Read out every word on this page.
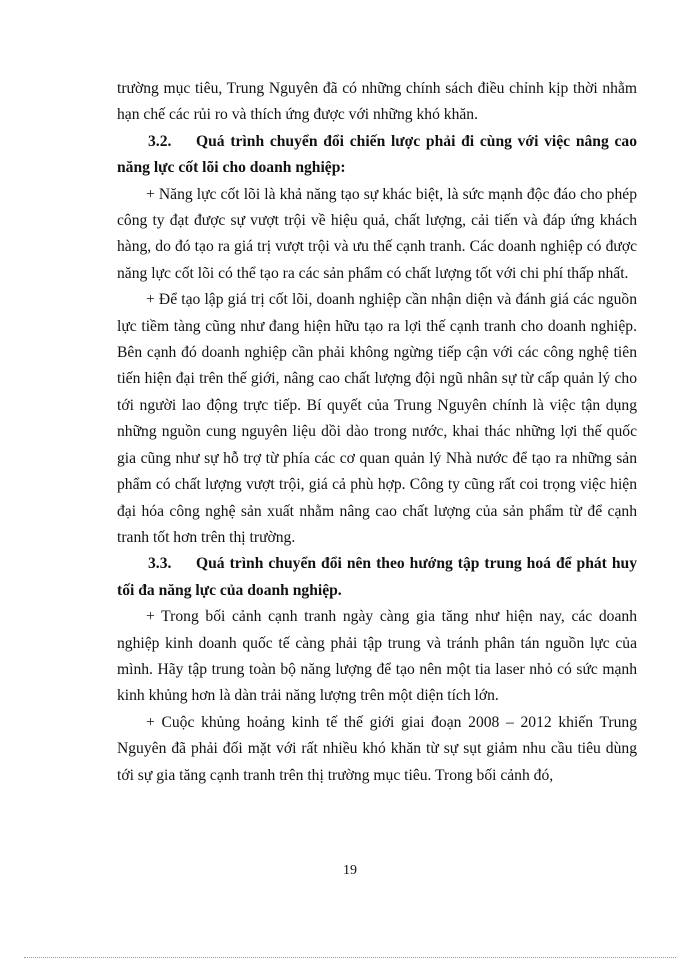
trường mục tiêu, Trung Nguyên đã có những chính sách điều chỉnh kịp thời nhằm hạn chế các rủi ro và thích ứng được với những khó khăn.

3.2. Quá trình chuyển đổi chiến lược phải đi cùng với việc nâng cao năng lực cốt lõi cho doanh nghiệp:

+ Năng lực cốt lõi là khả năng tạo sự khác biệt, là sức mạnh độc đáo cho phép công ty đạt được sự vượt trội về hiệu quả, chất lượng, cải tiến và đáp ứng khách hàng, do đó tạo ra giá trị vượt trội và ưu thế cạnh tranh. Các doanh nghiệp có được năng lực cốt lõi có thể tạo ra các sản phẩm có chất lượng tốt với chi phí thấp nhất.

+ Để tạo lập giá trị cốt lõi, doanh nghiệp cần nhận diện và đánh giá các nguồn lực tiềm tàng cũng như đang hiện hữu tạo ra lợi thế cạnh tranh cho doanh nghiệp. Bên cạnh đó doanh nghiệp cần phải không ngừng tiếp cận với các công nghệ tiên tiến hiện đại trên thế giới, nâng cao chất lượng đội ngũ nhân sự từ cấp quản lý cho tới người lao động trực tiếp. Bí quyết của Trung Nguyên chính là việc tận dụng những nguồn cung nguyên liệu dồi dào trong nước, khai thác những lợi thế quốc gia cũng như sự hỗ trợ từ phía các cơ quan quản lý Nhà nước để tạo ra những sản phẩm có chất lượng vượt trội, giá cả phù hợp. Công ty cũng rất coi trọng việc hiện đại hóa công nghệ sản xuất nhằm nâng cao chất lượng của sản phẩm từ để cạnh tranh tốt hơn trên thị trường.

3.3. Quá trình chuyển đổi nên theo hướng tập trung hoá để phát huy tối đa năng lực của doanh nghiệp.

+ Trong bối cảnh cạnh tranh ngày càng gia tăng như hiện nay, các doanh nghiệp kinh doanh quốc tế càng phải tập trung và tránh phân tán nguồn lực của mình. Hãy tập trung toàn bộ năng lượng để tạo nên một tia laser nhỏ có sức mạnh kinh khủng hơn là dàn trải năng lượng trên một diện tích lớn.

+ Cuộc khủng hoảng kinh tế thế giới giai đoạn 2008 – 2012 khiến Trung Nguyên đã phải đối mặt với rất nhiều khó khăn từ sự sụt giảm nhu cầu tiêu dùng tới sự gia tăng cạnh tranh trên thị trường mục tiêu. Trong bối cảnh đó,

19
